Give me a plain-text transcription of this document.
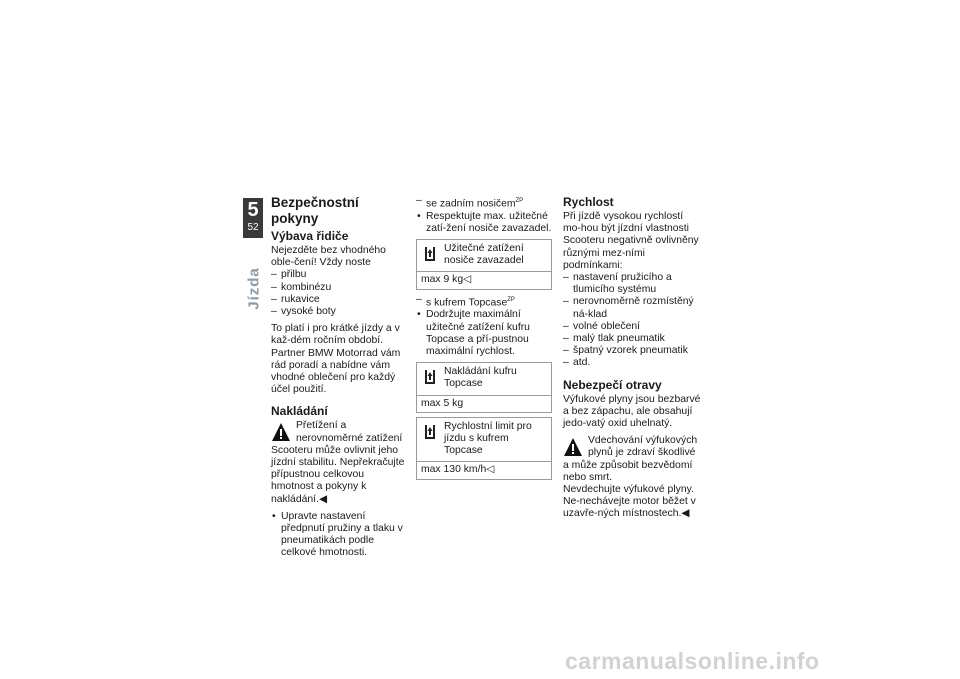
5
52
Jízda
Bezpečnostní pokyny
Výbava řidiče

Nejezděte bez vhodného oble-čení! Vždy noste

– přilbu
– kombinézu
– rukavice
– vysoké boty

To platí i pro krátké jízdy a v kaž-dém ročním období. Partner BMW Motorrad vám rád poradí a nabídne vám vhodné oblečení pro každý účel použití.

Nakládání

Přetížení a nerovnoměrné zatížení Scooteru může ovlivnit jeho jízdní stabilitu. Nepřekračujte přípustnou celkovou hmotnost a pokyny k nakládání.◀

• Upravte nastavení předpnutí pružiny a tlaku v pneumatikách podle celkové hmotnosti.
– se zadním nosičem$^{ZP}$
• Respektujte max. užitečné zatí-žení nosiče zavazadel.
Užitečné zatížení nosiče zavazadel
max 9 kg◁
– s kufrem Topcase$^{ZP}$
• Dodržujte maximální užitečné zatížení kufru Topcase a pří-pustnou maximální rychlost.
Nakládání kufru Topcase
max 5 kg
Rychlostní limit pro jízdu s kufrem Topcase
max 130 km/h◁
Rychlost

Při jízdě vysokou rychlostí mo-hou být jízdní vlastnosti Scooteru negativně ovlivněny různými mez-ními podmínkami:

– nastavení pružicího a tlumicího systému
– nerovnoměrně rozmístěný ná-klad
– volné oblečení
– malý tlak pneumatik
– špatný vzorek pneumatik
– atd.
Nebezpečí otravy

Výfukové plyny jsou bezbarvé a bez zápachu, ale obsahují jedo-vatý oxid uhelnatý.

Vdechování výfukových plynů je zdraví škodlivé a může způsobit bezvědomí nebo smrt.

Nevdechujte výfukové plyny. Ne-nechávejte motor běžet v uzavře-ných místnostech.◀

carmanualsonline.info
